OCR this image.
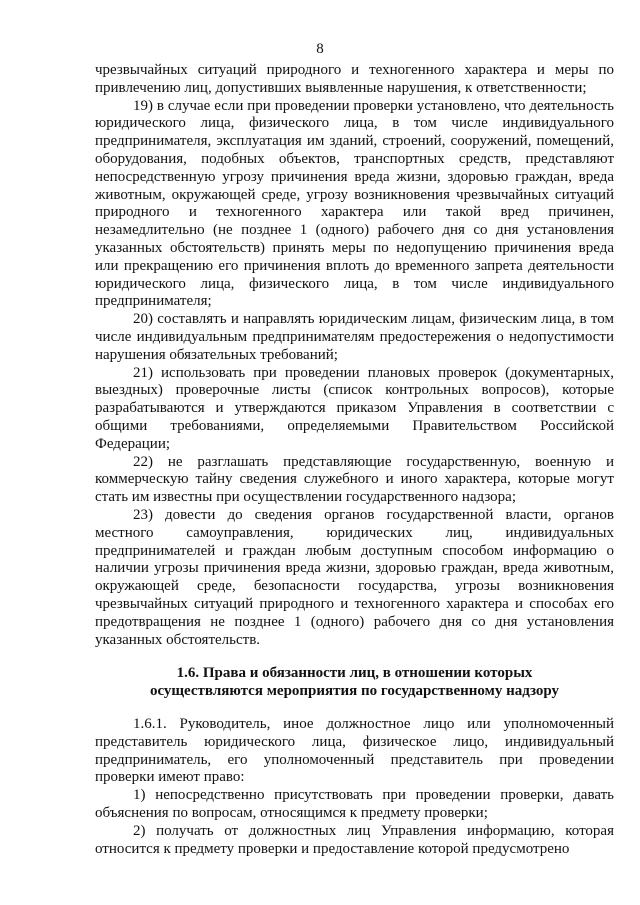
8

чрезвычайных ситуаций природного и техногенного характера и меры по привлечению лиц, допустивших выявленные нарушения, к ответственности;

19) в случае если при проведении проверки установлено, что деятельность юридического лица, физического лица, в том числе индивидуального предпринимателя, эксплуатация им зданий, строений, сооружений, помещений, оборудования, подобных объектов, транспортных средств, представляют непосредственную угрозу причинения вреда жизни, здоровью граждан, вреда животным, окружающей среде, угрозу возникновения чрезвычайных ситуаций природного и техногенного характера или такой вред причинен, незамедлительно (не позднее 1 (одного) рабочего дня со дня установления указанных обстоятельств) принять меры по недопущению причинения вреда или прекращению его причинения вплоть до временного запрета деятельности юридического лица, физического лица, в том числе индивидуального предпринимателя;

20) составлять и направлять юридическим лицам, физическим лица, в том числе индивидуальным предпринимателям предостережения о недопустимости нарушения обязательных требований;

21) использовать при проведении плановых проверок (документарных, выездных) проверочные листы (список контрольных вопросов), которые разрабатываются и утверждаются приказом Управления в соответствии с общими требованиями, определяемыми Правительством Российской Федерации;

22) не разглашать представляющие государственную, военную и коммерческую тайну сведения служебного и иного характера, которые могут стать им известны при осуществлении государственного надзора;

23) довести до сведения органов государственной власти, органов местного самоуправления, юридических лиц, индивидуальных предпринимателей и граждан любым доступным способом информацию о наличии угрозы причинения вреда жизни, здоровью граждан, вреда животным, окружающей среде, безопасности государства, угрозы возникновения чрезвычайных ситуаций природного и техногенного характера и способах его предотвращения не позднее 1 (одного) рабочего дня со дня установления указанных обстоятельств.

1.6. Права и обязанности лиц, в отношении которых
осуществляются мероприятия по государственному надзору

1.6.1. Руководитель, иное должностное лицо или уполномоченный представитель юридического лица, физическое лицо, индивидуальный предприниматель, его уполномоченный представитель при проведении проверки имеют право:

1) непосредственно присутствовать при проведении проверки, давать объяснения по вопросам, относящимся к предмету проверки;

2) получать от должностных лиц Управления информацию, которая относится к предмету проверки и предоставление которой предусмотрено
